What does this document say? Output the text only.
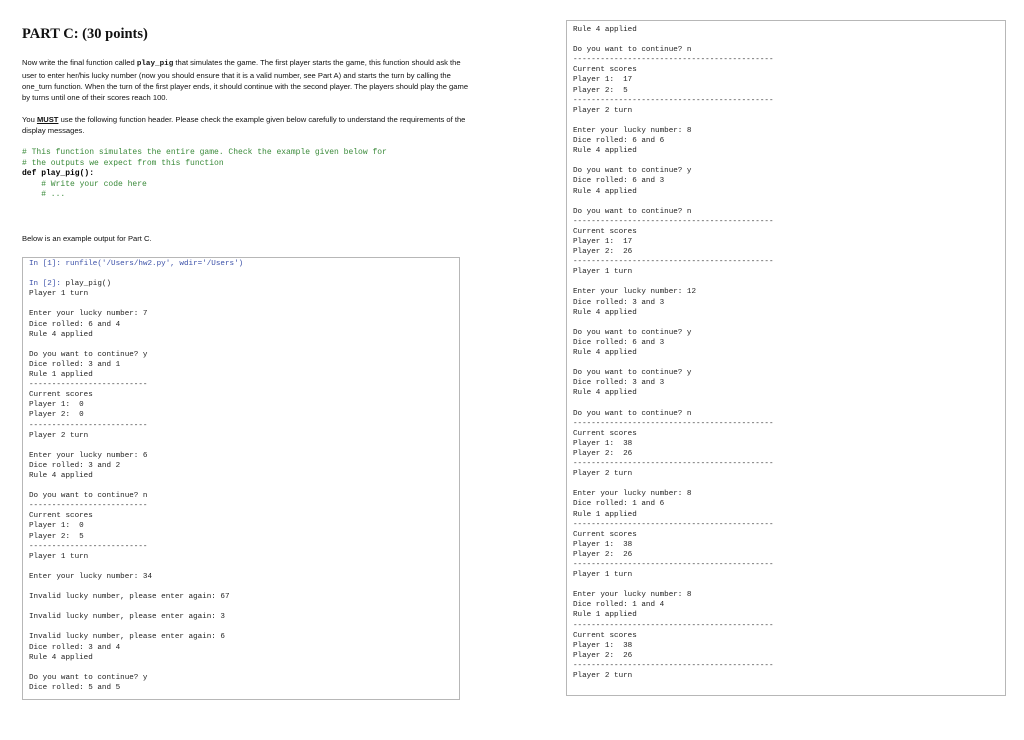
PART C: (30 points)

Now write the final function called play_pig that simulates the game. The first player starts the game, this function should ask the user to enter her/his lucky number (now you should ensure that it is a valid number, see Part A) and starts the turn by calling the one_turn function. When the turn of the first player ends, it should continue with the second player. The players should play the game by turns until one of their scores reach 100.

You MUST use the following function header. Please check the example given below carefully to understand the requirements of the display messages.

# This function simulates the entire game. Check the example given below for
# the outputs we expect from this function
def play_pig():
# Write your code here
# ...
Below is an example output for Part C.
In [1]: runfile('/Users/hw2.py', wdir='/Users')
In [2]: play_pig()
Player 1 turn
Enter your lucky number: 7
Dice rolled: 6 and 4
Rule 4 applied
Do you want to continue? y
Dice rolled: 3 and 1
Rule 1 applied
--------------------------
Current scores
Player 1:  0
Player 2:  0
--------------------------
Player 2 turn
Enter your lucky number: 6
Dice rolled: 3 and 2
Rule 4 applied
Do you want to continue? n
--------------------------
Current scores
Player 1:  0
Player 2:  5
--------------------------
Player 1 turn
Enter your lucky number: 34
Invalid lucky number, please enter again: 67
Invalid lucky number, please enter again: 3
Invalid lucky number, please enter again: 6
Dice rolled: 3 and 4
Rule 4 applied
Do you want to continue? y
Dice rolled: 5 and 5
Rule 4 applied
Do you want to continue? n
--------------------------------------------
Current scores
Player 1:  17
Player 2:  5
--------------------------------------------
Player 2 turn
Enter your lucky number: 8
Dice rolled: 6 and 6
Rule 4 applied
Do you want to continue? y
Dice rolled: 6 and 3
Rule 4 applied
Do you want to continue? n
--------------------------------------------
Current scores
Player 1:  17
Player 2:  26
--------------------------------------------
Player 1 turn
Enter your lucky number: 12
Dice rolled: 3 and 3
Rule 4 applied
Do you want to continue? y
Dice rolled: 6 and 3
Rule 4 applied
Do you want to continue? y
Dice rolled: 3 and 3
Rule 4 applied
Do you want to continue? n
--------------------------------------------
Current scores
Player 1:  38
Player 2:  26
--------------------------------------------
Player 2 turn
Enter your lucky number: 8
Dice rolled: 1 and 6
Rule 1 applied
--------------------------------------------
Current scores
Player 1:  38
Player 2:  26
--------------------------------------------
Player 1 turn
Enter your lucky number: 8
Dice rolled: 1 and 4
Rule 1 applied
--------------------------------------------
Current scores
Player 1:  38
Player 2:  26
--------------------------------------------
Player 2 turn
